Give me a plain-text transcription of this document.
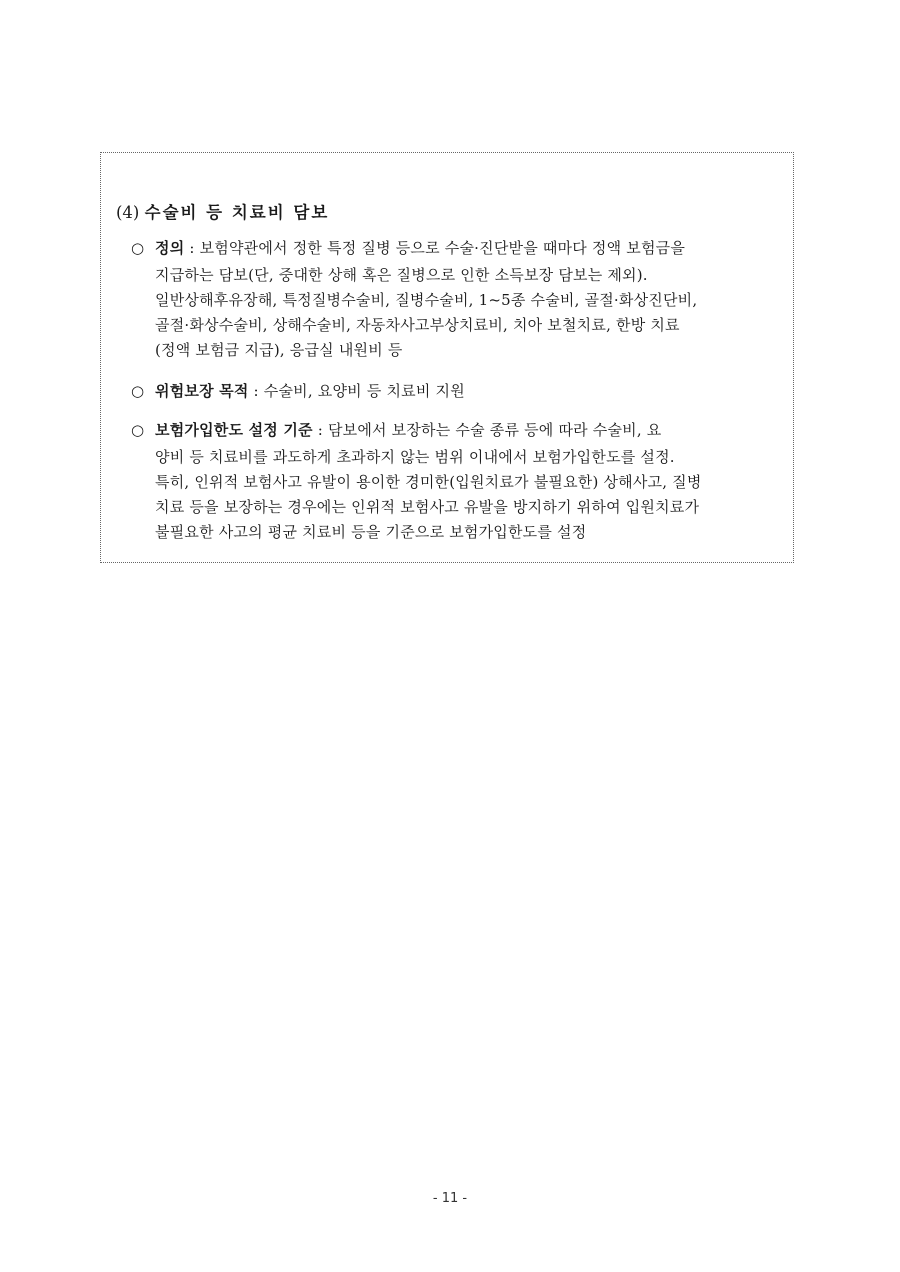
(4) 수술비 등 치료비 담보
○ 정의 : 보험약관에서 정한 특정 질병 등으로 수술·진단받을 때마다 정액 보험금을
지급하는 담보(단, 중대한 상해 혹은 질병으로 인한 소득보장 담보는 제외).
일반상해후유장해, 특정질병수술비, 질병수술비, 1~5종 수술비, 골절·화상진단비,
골절·화상수술비, 상해수술비, 자동차사고부상치료비, 치아 보철치료, 한방 치료
(정액 보험금 지급), 응급실 내원비 등
○ 위험보장 목적 : 수술비, 요양비 등 치료비 지원
○ 보험가입한도 설정 기준 : 담보에서 보장하는 수술 종류 등에 따라 수술비, 요
양비 등 치료비를 과도하게 초과하지 않는 범위 이내에서 보험가입한도를 설정.
특히, 인위적 보험사고 유발이 용이한 경미한(입원치료가 불필요한) 상해사고, 질병
치료 등을 보장하는 경우에는 인위적 보험사고 유발을 방지하기 위하여 입원치료가
불필요한 사고의 평균 치료비 등을 기준으로 보험가입한도를 설정
- 11 -
